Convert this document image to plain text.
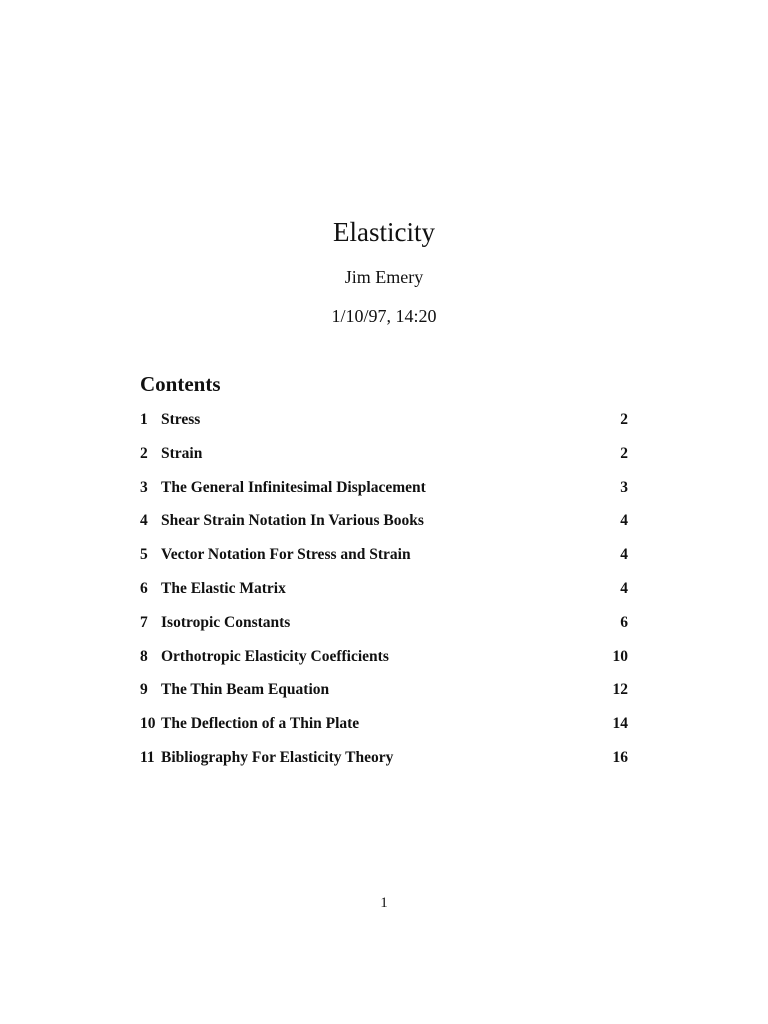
Elasticity
Jim Emery
1/10/97, 14:20
Contents
1 Stress	2
2 Strain	2
3 The General Infinitesimal Displacement	3
4 Shear Strain Notation In Various Books	4
5 Vector Notation For Stress and Strain	4
6 The Elastic Matrix	4
7 Isotropic Constants	6
8 Orthotropic Elasticity Coefficients	10
9 The Thin Beam Equation	12
10 The Deflection of a Thin Plate	14
11 Bibliography For Elasticity Theory	16
1
